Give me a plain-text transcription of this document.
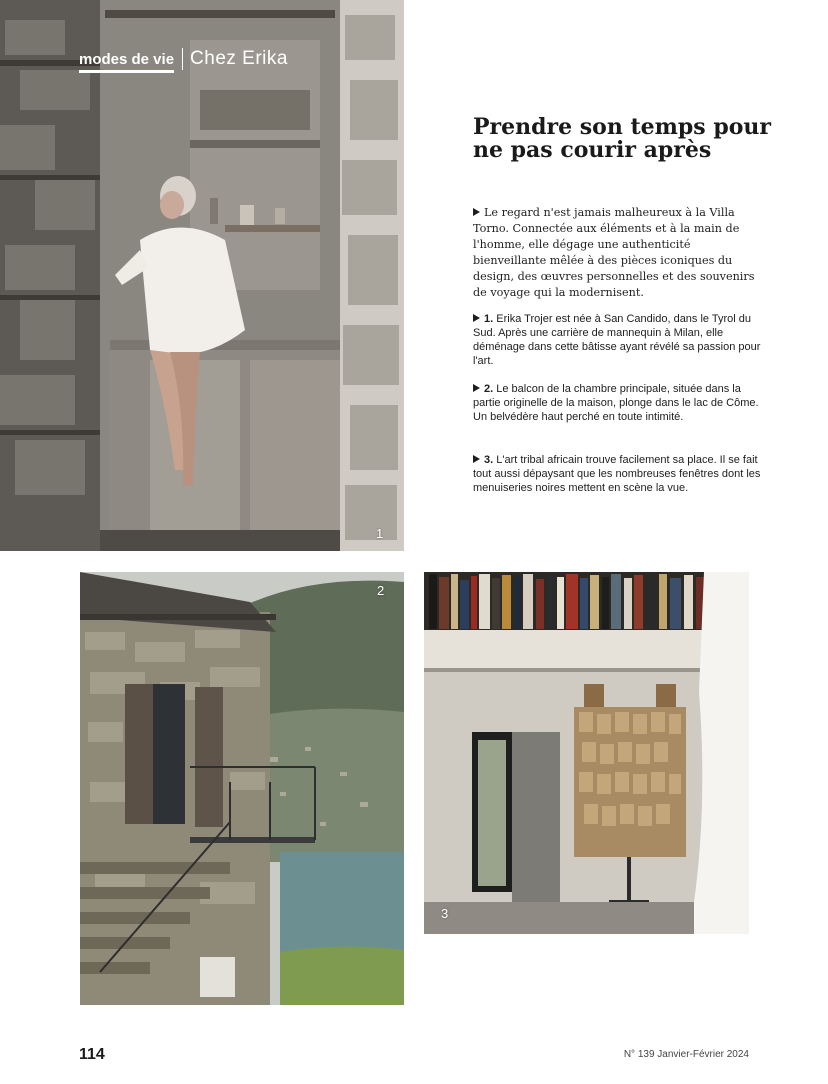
1
modes de vie Chez Erika
Prendre son temps pour ne pas courir après

Le regard n'est jamais malheureux à la Villa Torno. Connectée aux éléments et à la main de l'homme, elle dégage une authenticité bienveillante mêlée à des pièces iconiques du design, des œuvres personnelles et des souvenirs de voyage qui la modernisent.

1. Erika Trojer est née à San Candido, dans le Tyrol du Sud. Après une carrière de mannequin à Milan, elle déménage dans cette bâtisse ayant révélé sa passion pour l'art.

2. Le balcon de la chambre principale, située dans la partie originelle de la maison, plonge dans le lac de Côme. Un belvédère haut perché en toute intimité.

3. L'art tribal africain trouve facilement sa place. Il se fait tout aussi dépaysant que les nombreuses fenêtres dont les menuiseries noires mettent en scène la vue.

2
3
114	N° 139 Janvier-Février 2024
